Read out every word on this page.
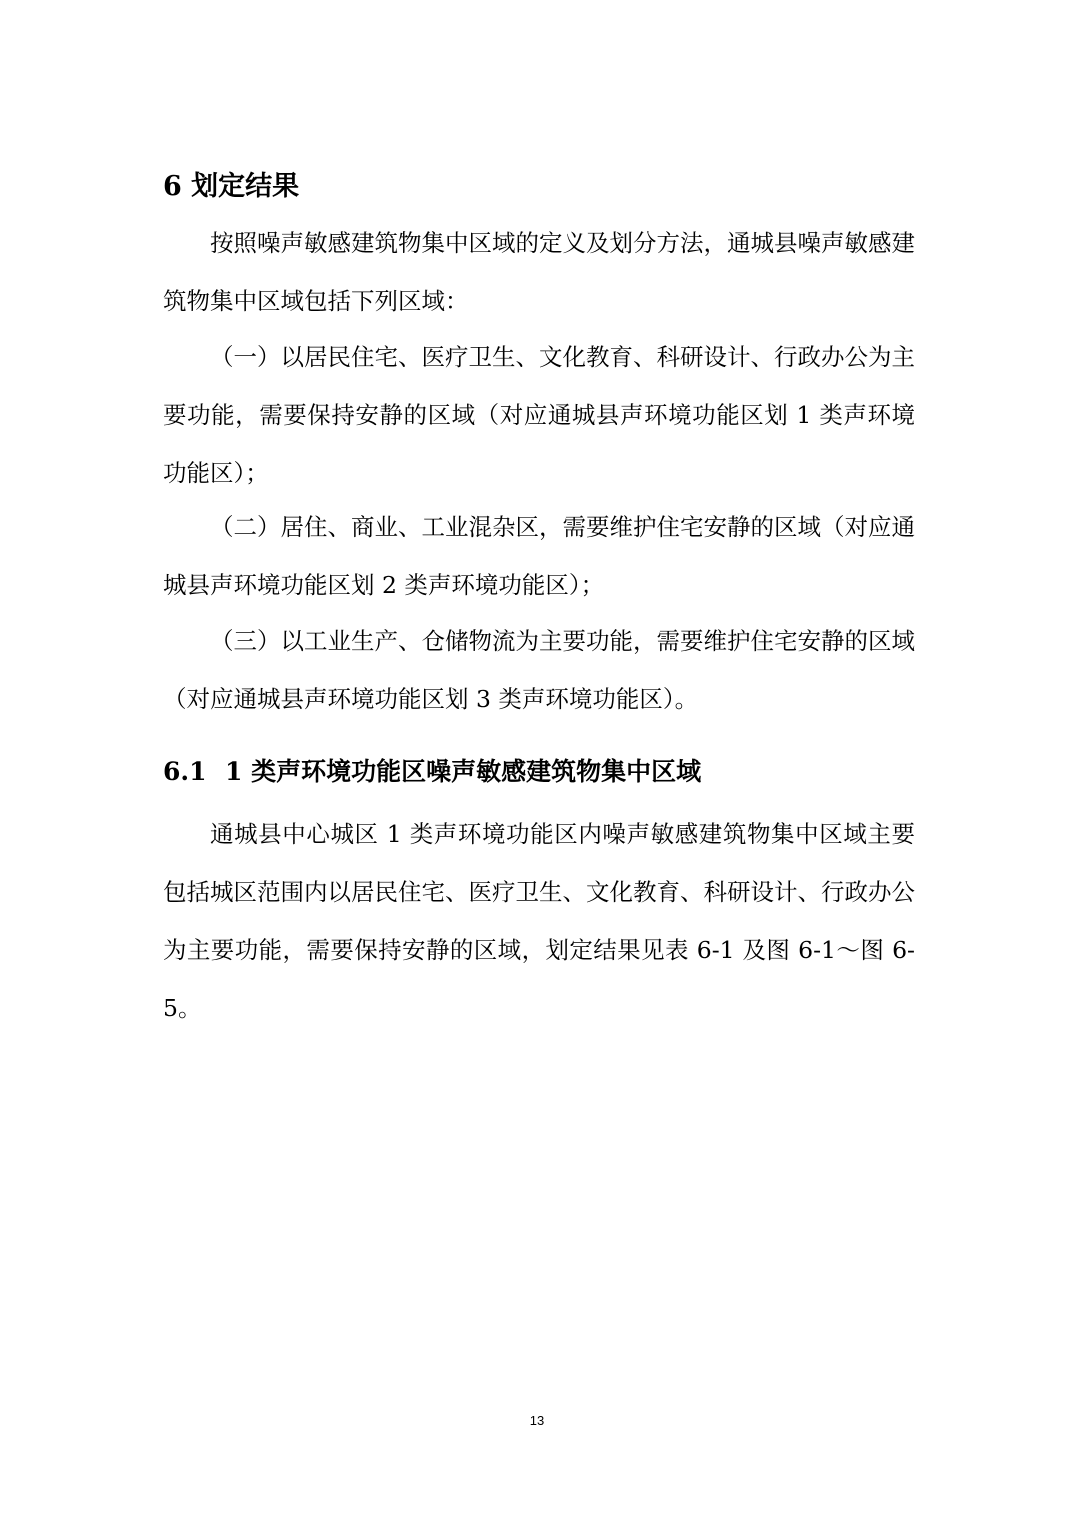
6 划定结果

按照噪声敏感建筑物集中区域的定义及划分方法，通城县噪声敏感建筑物集中区域包括下列区域：

（一）以居民住宅、医疗卫生、文化教育、科研设计、行政办公为主要功能，需要保持安静的区域（对应通城县声环境功能区划 1 类声环境功能区）；

（二）居住、商业、工业混杂区，需要维护住宅安静的区域（对应通城县声环境功能区划 2 类声环境功能区）；

（三）以工业生产、仓储物流为主要功能，需要维护住宅安静的区域（对应通城县声环境功能区划 3 类声环境功能区）。

6.1 1 类声环境功能区噪声敏感建筑物集中区域

通城县中心城区 1 类声环境功能区内噪声敏感建筑物集中区域主要包括城区范围内以居民住宅、医疗卫生、文化教育、科研设计、行政办公为主要功能，需要保持安静的区域，划定结果见表 6-1 及图 6-1～图 6-5。

13
